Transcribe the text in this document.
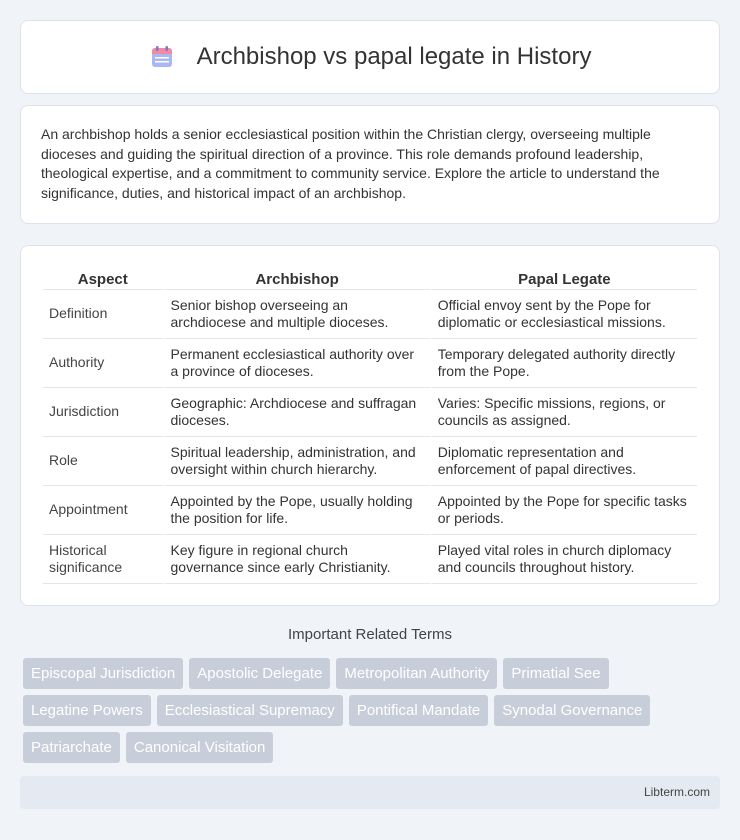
Archbishop vs papal legate in History

An archbishop holds a senior ecclesiastical position within the Christian clergy, overseeing multiple dioceses and guiding the spiritual direction of a province. This role demands profound leadership, theological expertise, and a commitment to community service. Explore the article to understand the significance, duties, and historical impact of an archbishop.

Aspect	Archbishop	Papal Legate
Definition	Senior bishop overseeing an archdiocese and multiple dioceses.	Official envoy sent by the Pope for diplomatic or ecclesiastical missions.
Authority	Permanent ecclesiastical authority over a province of dioceses.	Temporary delegated authority directly from the Pope.
Jurisdiction	Geographic: Archdiocese and suffragan dioceses.	Varies: Specific missions, regions, or councils as assigned.
Role	Spiritual leadership, administration, and oversight within church hierarchy.	Diplomatic representation and enforcement of papal directives.
Appointment	Appointed by the Pope, usually holding the position for life.	Appointed by the Pope for specific tasks or periods.
Historical significance	Key figure in regional church governance since early Christianity.	Played vital roles in church diplomacy and councils throughout history.
Important Related Terms
Episcopal Jurisdiction	Apostolic Delegate	Metropolitan Authority	Primatial See
Legatine Powers	Ecclesiastical Supremacy	Pontifical Mandate	Synodal Governance
Patriarchate	Canonical Visitation
Libterm.com
